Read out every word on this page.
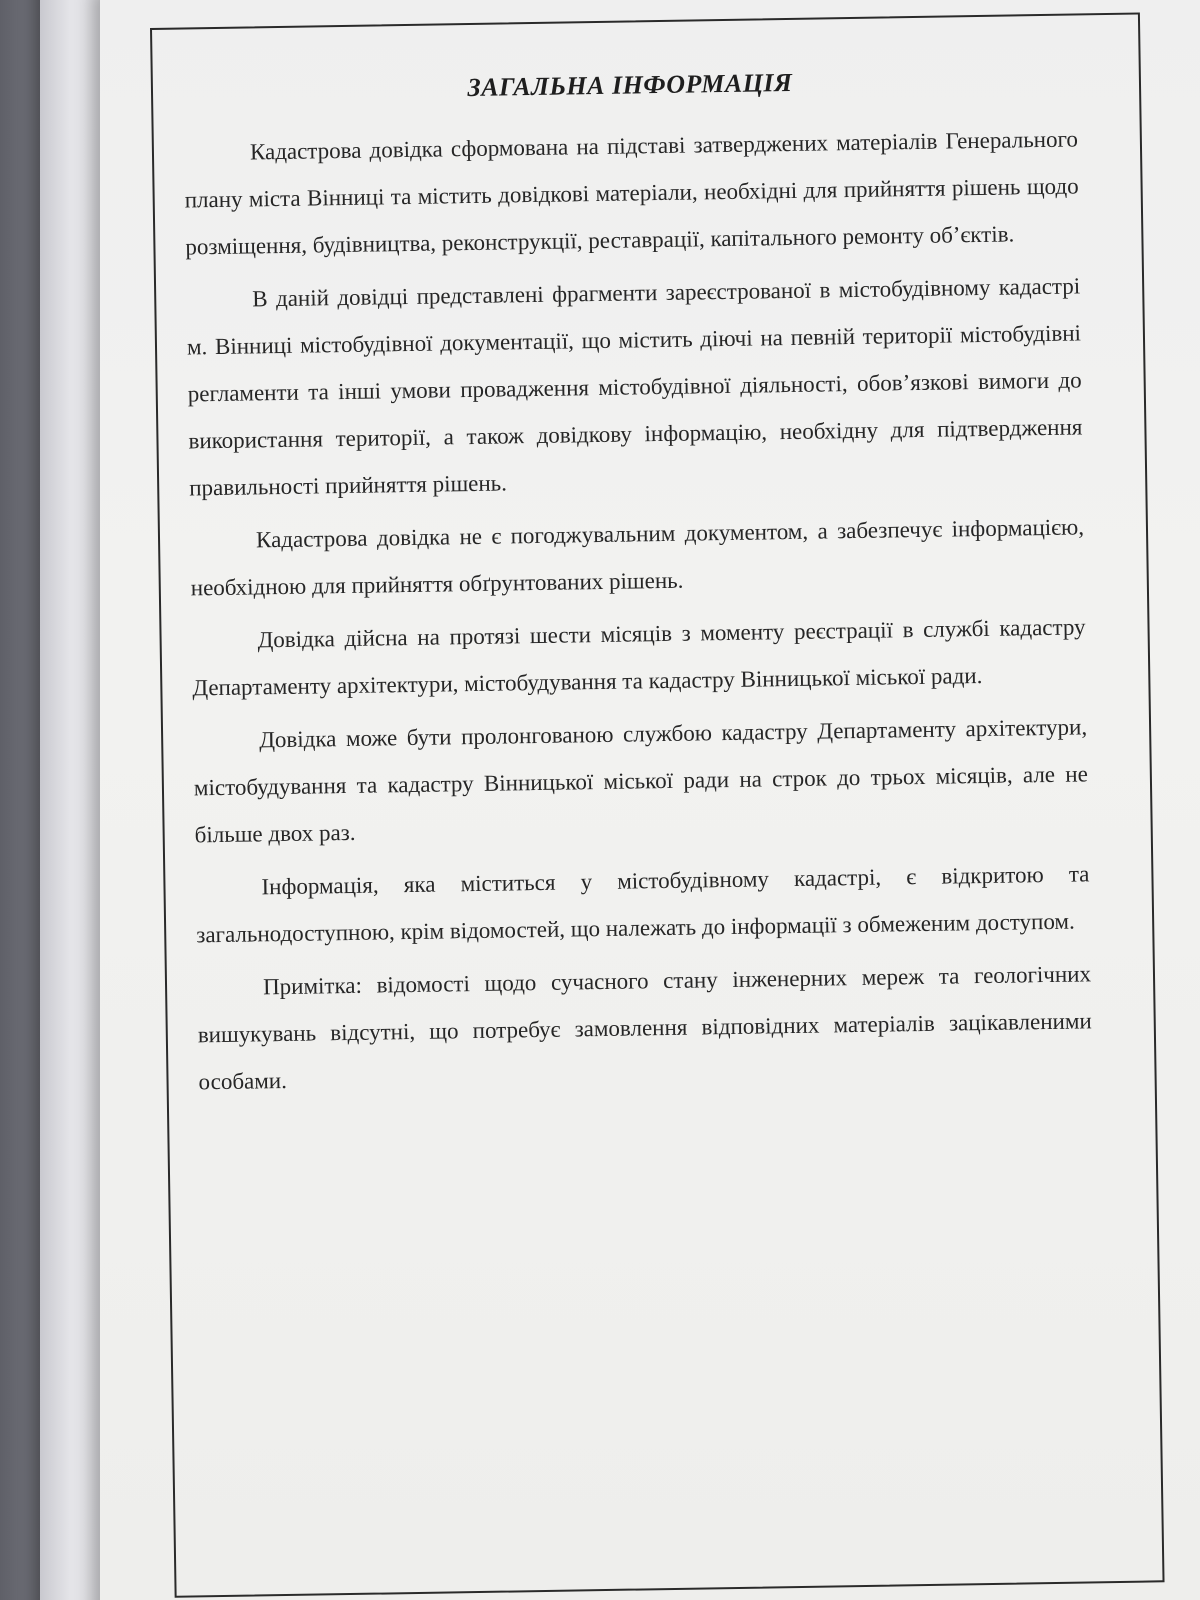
ЗАГАЛЬНА ІНФОРМАЦІЯ

Кадастрова довідка сформована на підставі затверджених матеріалів Генерального плану міста Вінниці та містить довідкові матеріали, необхідні для прийняття рішень щодо розміщення, будівництва, реконструкції, реставрації, капітального ремонту об’єктів.

В даній довідці представлені фрагменти зареєстрованої в містобудівному кадастрі м. Вінниці містобудівної документації, що містить діючі на певній території містобудівні регламенти та інші умови провадження містобудівної діяльності, обов’язкові вимоги до використання території, а також довідкову інформацію, необхідну для підтвердження правильності прийняття рішень.

Кадастрова довідка не є погоджувальним документом, а забезпечує інформацією, необхідною для прийняття обґрунтованих рішень.

Довідка дійсна на протязі шести місяців з моменту реєстрації в службі кадастру Департаменту архітектури, містобудування та кадастру Вінницької міської ради.

Довідка може бути пролонгованою службою кадастру Департаменту архітектури, містобудування та кадастру Вінницької міської ради на строк до трьох місяців, але не більше двох раз.

Інформація, яка міститься у містобудівному кадастрі, є відкритою та загальнодоступною, крім відомостей, що належать до інформації з обмеженим доступом.

Примітка: відомості щодо сучасного стану інженерних мереж та геологічних вишукувань відсутні, що потребує замовлення відповідних матеріалів зацікавленими особами.
